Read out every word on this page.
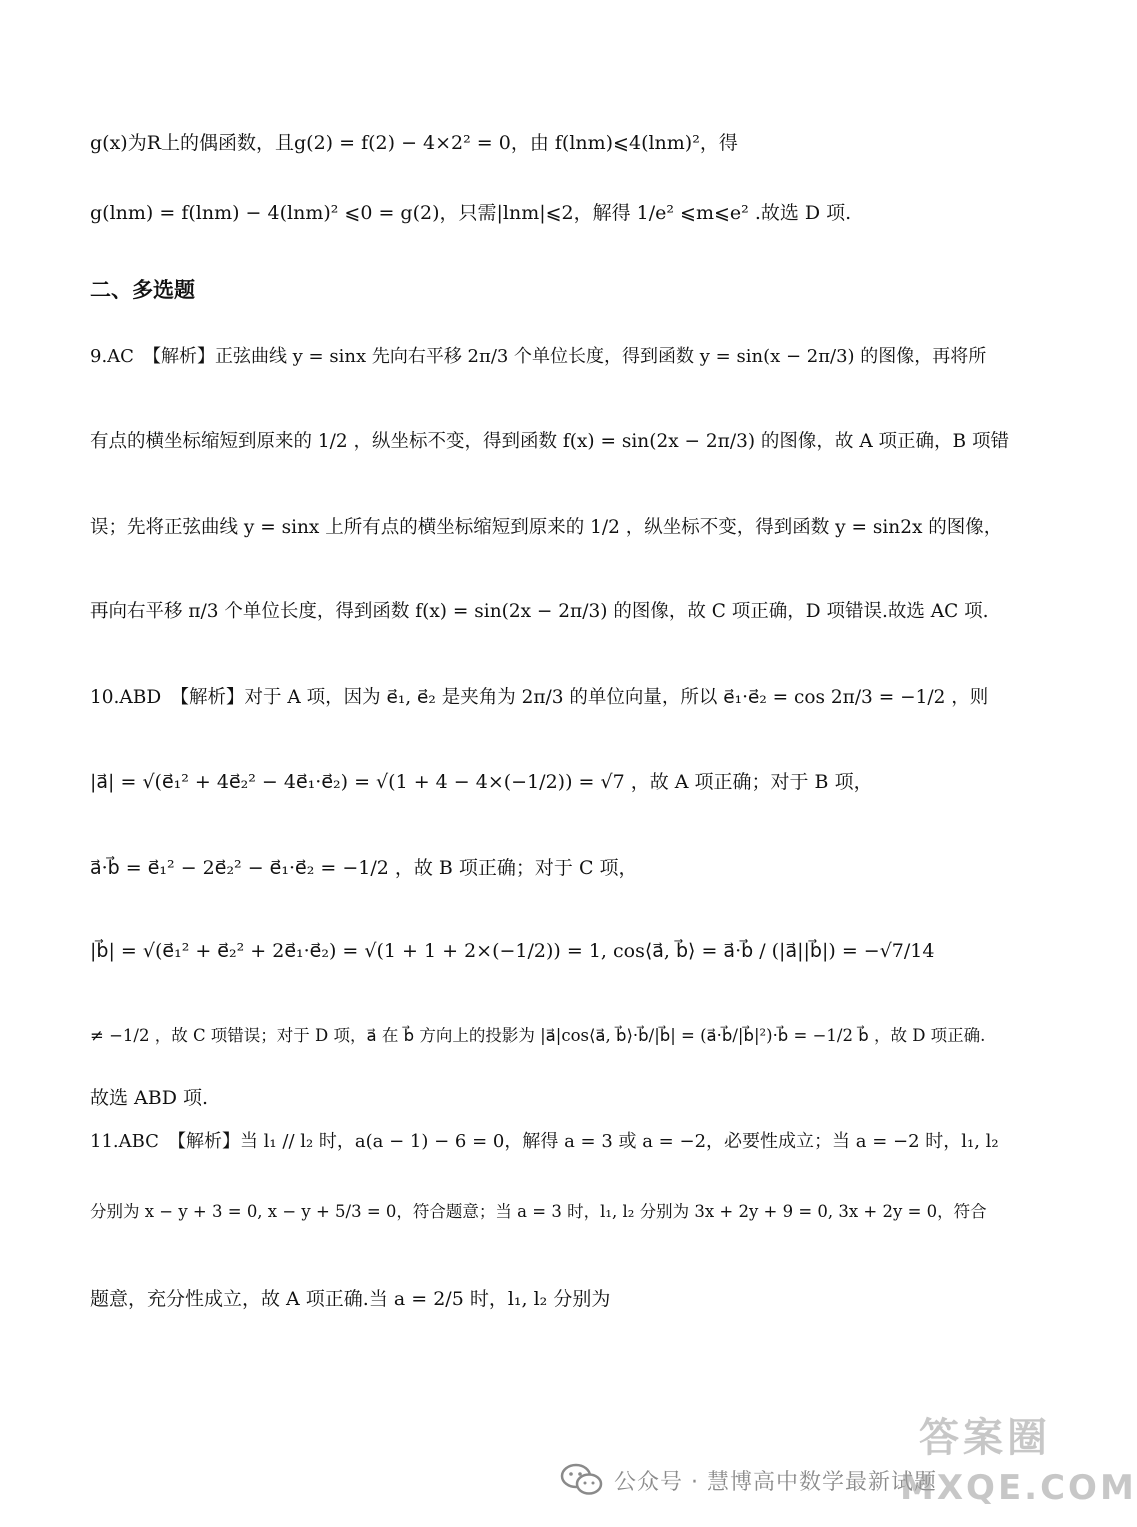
g(x)为R上的偶函数，且g(2) = f(2) − 4×2² = 0，由 f(lnm)⩽4(lnm)²，得
g(lnm) = f(lnm) − 4(lnm)² ⩽0 = g(2)，只需|lnm|⩽2，解得 1/e² ⩽m⩽e² .故选 D 项.
二、多选题
9.AC　【解析】正弦曲线 y = sinx 先向右平移 2π/3 个单位长度，得到函数 y = sin(x − 2π/3) 的图像，再将所
有点的横坐标缩短到原来的 1/2 ，纵坐标不变，得到函数 f(x) = sin(2x − 2π/3) 的图像，故 A 项正确，B 项错
误；先将正弦曲线 y = sinx 上所有点的横坐标缩短到原来的 1/2 ，纵坐标不变，得到函数 y = sin2x 的图像，
再向右平移 π/3 个单位长度，得到函数 f(x) = sin(2x − 2π/3) 的图像，故 C 项正确，D 项错误.故选 AC 项.
10.ABD　【解析】对于 A 项，因为 e⃗₁, e⃗₂ 是夹角为 2π/3 的单位向量，所以 e⃗₁·e⃗₂ = cos 2π/3 = −1/2 ，则
|a⃗| = √(e⃗₁² + 4e⃗₂² − 4e⃗₁·e⃗₂) = √(1 + 4 − 4×(−1/2)) = √7 ，故 A 项正确；对于 B 项，
a⃗·b⃗ = e⃗₁² − 2e⃗₂² − e⃗₁·e⃗₂ = −1/2 ，故 B 项正确；对于 C 项，
|b⃗| = √(e⃗₁² + e⃗₂² + 2e⃗₁·e⃗₂) = √(1 + 1 + 2×(−1/2)) = 1, cos⟨a⃗, b⃗⟩ = a⃗·b⃗ / (|a⃗||b⃗|) = −√7/14
≠ −1/2 ，故 C 项错误；对于 D 项，a⃗ 在 b⃗ 方向上的投影为 |a⃗|cos⟨a⃗, b⃗⟩·b⃗/|b⃗| = (a⃗·b⃗/|b⃗|²)·b⃗ = −1/2 b⃗ ，故 D 项正确.
故选 ABD 项.
11.ABC　【解析】当 l₁ // l₂ 时，a(a − 1) − 6 = 0，解得 a = 3 或 a = −2，必要性成立；当 a = −2 时，l₁, l₂
分别为 x − y + 3 = 0, x − y + 5/3 = 0，符合题意；当 a = 3 时，l₁, l₂ 分别为 3x + 2y + 9 = 0, 3x + 2y = 0，符合
题意，充分性成立，故 A 项正确.当 a = 2/5 时，l₁, l₂ 分别为
公众号 · 慧博高中数学最新试题
答案圈
MXQE.COM
